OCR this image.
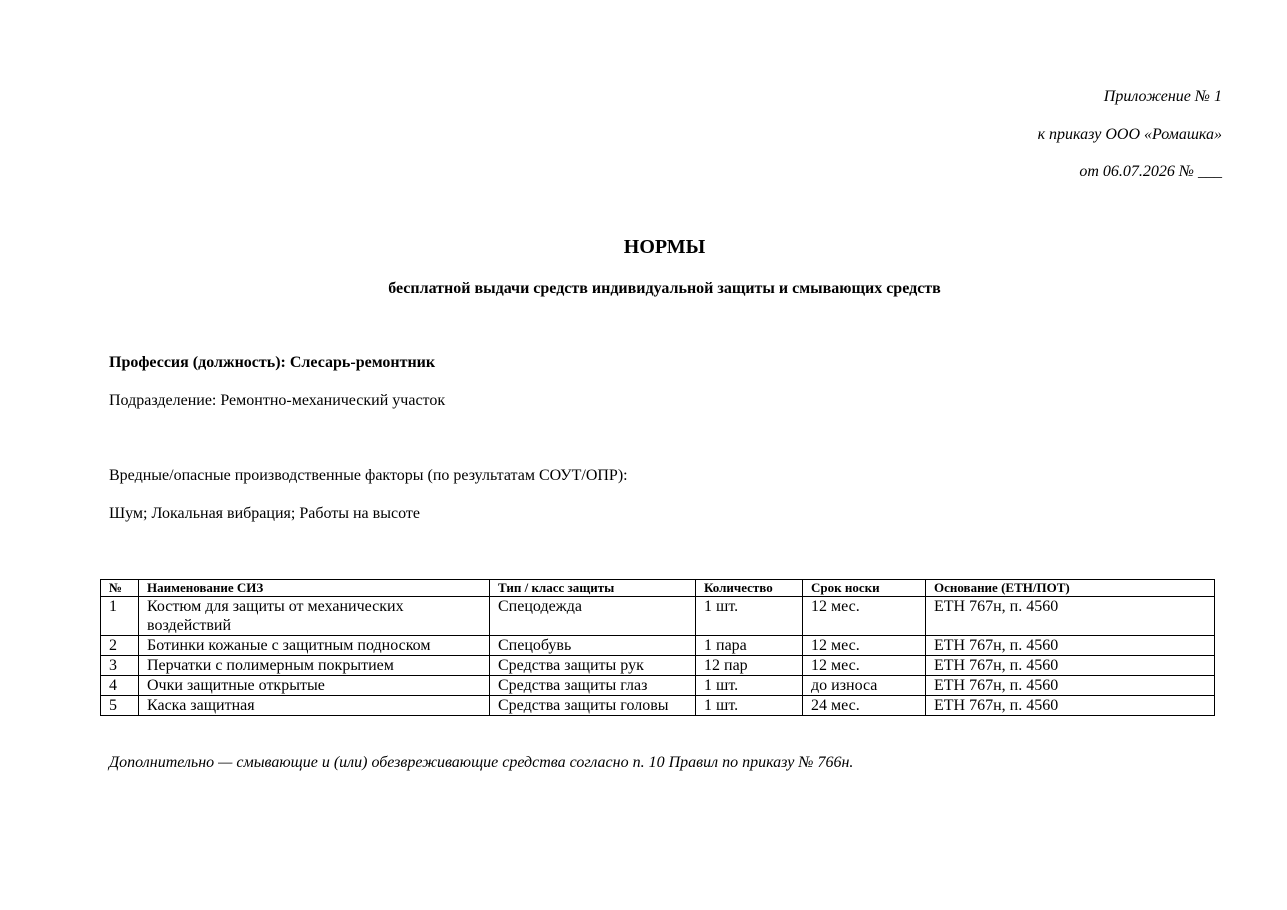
Приложение № 1
к приказу ООО «Ромашка»
от 06.07.2026 № ___
НОРМЫ
бесплатной выдачи средств индивидуальной защиты и смывающих средств
Профессия (должность): Слесарь-ремонтник
Подразделение: Ремонтно-механический участок
Вредные/опасные производственные факторы (по результатам СОУТ/ОПР):
Шум; Локальная вибрация; Работы на высоте
№	Наименование СИЗ	Тип / класс защиты	Количество	Срок носки	Основание (ЕТН/ПОТ)
1	Костюм для защиты от механических воздействий	Спецодежда	1 шт.	12 мес.	ЕТН 767н, п. 4560
2	Ботинки кожаные с защитным подноском	Спецобувь	1 пара	12 мес.	ЕТН 767н, п. 4560
3	Перчатки с полимерным покрытием	Средства защиты рук	12 пар	12 мес.	ЕТН 767н, п. 4560
4	Очки защитные открытые	Средства защиты глаз	1 шт.	до износа	ЕТН 767н, п. 4560
5	Каска защитная	Средства защиты головы	1 шт.	24 мес.	ЕТН 767н, п. 4560
Дополнительно — смывающие и (или) обезвреживающие средства согласно п. 10 Правил по приказу № 766н.
